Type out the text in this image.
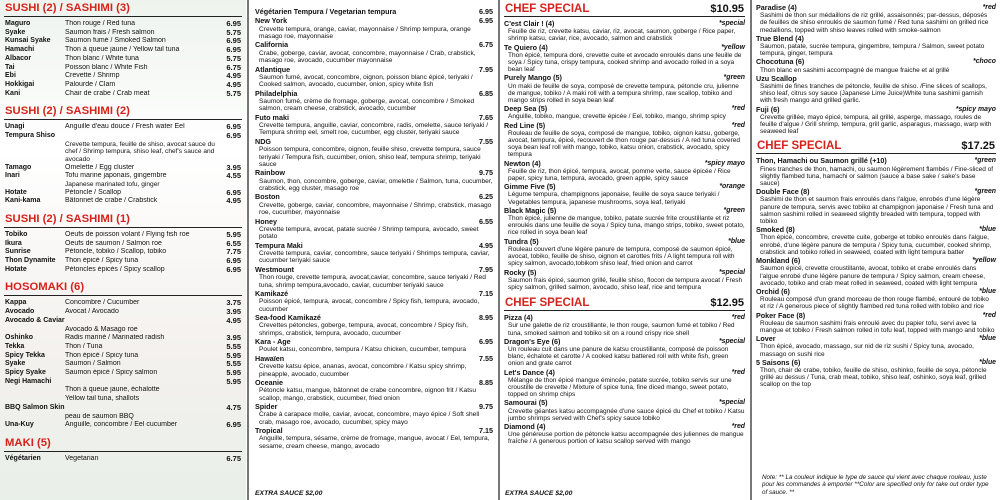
SUSHI (2) / SASHIMI (3)
Maguro	Thon rouge / Red tuna	6.95
Syake	Saumon frais / Fresh salmon	5.75
Kunsai Syake	Saumon fumé / Smoked Salmon	6.95
Hamachi	Thon à queue jaune / Yellow tail tuna	6.95
Albacor	Thon blanc / White tuna	5.75
Tai	Poisson blanc / White Fish	6.75
Ebi	Crevette / Shrimp	4.95
Hokkigai	Palourde / Clam	4.95
Kani	Chair de crabe / Crab meat	5.75
SUSHI (2) / SASHIMI (2)
Unagi	Anguille d'eau douce / Fresh water Eel	6.95
Tempura Shiso	6.95
Crevette tempura, feuille de shiso, avocat sauce du chef / Shrimp tempura, shiso leaf, chef's sauce and avocado
Tamago	Omelette / Egg cluster	3.95
Inari	Tofu marine japonais, gingembre	4.55
Japanese marinated tofu, ginger
Hotate	Pétoncle / Scallop	6.95
Kani-kama	Bâtonnet de crabe / Crabstick	4.95
SUSHI (2) / SASHIMI (1)
Tobiko	Oeufs de poisson volant / Flying fish roe	5.95
Ikura	Oeufs de saumon / Salmon roe	6.55
Sunrise	Pétoncle, tobiko / Scallop, tobiko	7.75
Thon Dynamite	Thon épicé / Spicy tuna	6.95
Hotate	Pétoncles épicés / Spicy scallop	6.95
HOSOMAKI (6)
Kappa	Concombre / Cucumber	3.75
Avocado	Avocat / Avocado	3.95
Avocado & Caviar	4.95
Avocado & Masago roe
Oshinko	Radis mariné / Marinated radish	3.95
Tekka	Thon / Tuna	5.55
Spicy Tekka	Thon épicé / Spicy tuna	5.95
Syake	Saumon / Salmon	5.55
Spicy Syake	Saumon épicé / Spicy salmon	5.95
Negi Hamachi	5.95
Thon à queue jaune, échalotte
Yellow tail tuna, shallots
BBQ Salmon Skin	4.75
peau de saumon BBQ
Una-Kuy	Anguille, concombre / Eel cucumber	6.95
MAKI (5)
Végétarien	Vegetarian	6.75
Végétarien Tempura / Vegetarian tempura	6.95
New York	6.95
Crevette tempura, orange, caviar, mayonnaise / Shrimp tempura, orange masago roe, mayonnaise
California	6.75
Crabe, goberge, caviar, avocat, concombre, mayonnaise / Crab, crabstick, masago roe, avocado, cucumber mayonnaise
Atlantique	7.95
Saumon fumé, avocat, concombre, oignon, poisson blanc épicé, teriyaki / Cooked salmon, avocado, cucumber, onion, spicy white fish
Philadelphia	6.85
Saumon fumé, crème de fromage, goberge, avocat, concombre / Smoked salmon, cream cheese, crabstick, avocado, cucumber
Futo maki	7.65
Crevette tempura, anguille, caviar, concombre, radis, omelette, sauce teriyaki / Tempura shrimp eel, smelt roe, cucumber, egg cluster, teriyaki sauce
NDG	7.55
Poisson tempura, concombre, oignon, feuille shiso, crevette tempura, sauce teriyaki / Tempura fish, cucumber, onion, shiso leaf, tempura shrimp, teriyaki sauce
Rainbow	9.75
Saumon, thon, concombre, goberge, caviar, omelette / Salmon, tuna, cucumber, crabstick, egg cluster, masago roe
Boston	6.25
Crevette, goberge, caviar, concombre, mayonnaise / Shrimp, crabstick, masago roe, cucumber, mayonnaise
Honey	6.55
Crevette tempura, avocat, patate sucrée / Shrimp tempura, avocado, sweet potato
Tempura Maki	4.95
Crevette tempura, caviar, concombre, sauce teriyaki / Shrimps tempura, caviar, cucumber teriyaki sauce
Westmount	7.95
Thon rouge, crevette tempura, avocat,caviar, concombre, sauce teriyaki / Red tuna, shrimp tempura,avocado, caviar, cucumber teriyaki sauce
Kamikazé	7.15
Poisson épicé, tempura, avocat, concombre / Spicy fish, tempura, avocado, cucumber
Sea-food Kamikazé	8.95
Crevettes pétoncles, goberge, tempura, avocat, concombre / Spicy fish, shrimps, crabstick, tempura, avocado, cucumber
Kara - Age	6.95
Poulet katsu, concombre, tempura / Katsu chicken, cucumber, tempura
Hawaïen	7.55
Crevette katsu épice, ananas, avocat, concombre / Katsu spicy shrimp, pineapple, avocado, cucumber
Oceanie	8.85
Pétoncle katsu, mangue, bâtonnet de crabe concombre, oignon frit / Katsu scallop, mango, crabstick, cucumber, fried onion
Spider	9.75
Crabe à carapace molle, caviar, avocat, concombre, mayo épice / Soft shell crab, masago roe, avocado, cucumber, spicy mayo
Tropical	7.15
Anguille, tempura, sésame, crème de fromage, mangue, avocat / Eel, tempura, sesame, cream cheese, mango, avocado
EXTRA SAUCE $2,00
CHEF SPECIAL	$10.95
C'est Clair ! (4)	*special
Feuille de riz, crevette katsu, caviar, riz, avocat, saumon, goberge / Rice paper, shrimp katsu, caviar, rice, avocado, salmon and crabstick
Te Quiero (4)	*yellow
Thon épicé, tempura doré, crevette cuite et avocado enroulés dans une feuille de soya / Spicy tuna, crispy tempura, cooked shrimp and avocado rolled in a soya bean leaf
Purely Mango (5)	*green
Un maki de feuille de soya, composé de crevette tempura, pétoncle cru, julienne de mangue, tobiko / A maki roll with a tempura shrimp, raw scallop, tobiko and mango strips rolled in soya bean leaf
Deep Sea (5)	*red
Anguille, tobiko, mangue, crevette épicée / Eel, tobiko, mango, shrimp spicy
Red Line (5)	*red
Rouleau de feuille de soya, composé de mangue, tobiko, oignon katsu, goberge, avocat, tempura, épicé, recouvert de thon rouge par-dessus / A red tuna covered soya bean leaf roll with mango, tobiko, katsu onion, crabstick, avocado, spicy tempura
Newton (4)	*spicy mayo
Feuille de riz, thon épicé, tempura, avocat, pomme verte, sauce épicée / Rice paper, spicy tuna, tempura, avocado, green apple, spicy sauce
Gimme Five (5)	*orange
Légume tempura, champignons japonaise, feuille de soya sauce teriyaki / Vegetables tempura, japanese mushrooms, soya leaf, teriyaki
Black Magic (5)	*green
Thon épicé, julienne de mangue, tobiko, patate sucrée frite croustillante et riz enroulés dans une feuille de soya / Spicy tuna, mango strips, tobiko, sweet potato, rice rolled in soya bean leaf
Tundra (5)	*blue
Rouleau couvert d'une légère panure de tempura, composé de saumon épicé, avocat, tobiko, feuille de shiso, oignon et carottes frits / A light tempura roll with spicy salmon, avocado,tobikom shiso leaf, fried onion and carrot
Rocky (5)	*special
Saumon frais épicé, saumon grillé, feuille shiso, flocon de tempura avocat / Fresh spicy salmon, grilled salmon, avocado, shiso leaf, rice and tempura
CHEF SPECIAL	$12.95
Pizza (4)	*red
Sur une galette de riz croustillante, le thon rouge, saumon fumé et tobiko / Red tuna, smoked salmon and tobiko sit on a round crispy rice shell
Dragon's Eye (6)	*special
Un rouleau cuit dans une panure de katsu croustillante, composé de poisson blanc, échalote et carotte / A cooked katsu battered roll with white fish, green onion and grate carrot
Let's Dance (4)	*red
Mélange de thon épicé mangue émincée, patate sucrée, tobiko servis sur une croustille de crevette / Mixture of spice tuna, fine diced mango, sweet potato, topped on shrimp chips
Samourai (5)	*special
Crevette géantes katsu accompagnée d'une sauce épicé du Chef et tobiko / Katsu jumbo shrimps served with Chef's spicy sauce tobiko
Diamond (4)	*red
Une généreuse portion de pétoncle katsu accompagnée des juliennes de mangue fraîche / A generous portion of katsu scallop served with mango
EXTRA SAUCE $2,00
Paradise (4)	*red
Sashimi de thon sur médaillons de riz grillé, assaisonnés; par-dessus, déposés de feuilles de shiso enroulés de saumon fumé / Red tuna sashimi on grilled rice medallions, topped with shiso leaves rolled with smoke-salmon
True Blend (4)
Saumon, patate, sucrée tempura, gingembre, tempura / Salmon, sweet potato tempura, ginger, tempura
Chocotuna (6)	*choco
Thon blanc en sashimi accompagné de mangue fraiche et al grillé
Uzu Scallop
Sashimi de fines tranches de pétoncle, feuille de shiso. /Fine slices of scallops, shiso leaf, citrus soy sauce (Japanese Lime Juice)White tuna sashimi garnish with fresh mango and grilled garlic.
Fuji (6)	*spicy mayo
Crevette grillée, mayo épicé, tempura, ail grillé, asperge, massago, roules de feuille d'algue / Grill shrimp, tempura, grill garlic, asparagus, massago, warp with seaweed leaf
CHEF SPECIAL	$17.25
Thon, Hamachi ou Saumon grillé (+10)	*green
Fines tranches de thon, hamachi, ou saumon légèrement flambés / Fine-sliced of slightly flambed tuna, hamachi or salmon (sauce a base sake / sake's base sauce)
Double Face (8)	*green
Sashimi de thon et saumon frais enroulés dans l'algue, enrobés d'une légère panure de tempura, servis avec tobiko at champignon japonaise / Fresh tuna and salmon sashimi rolled in seaweed slightly breaded with tempura, topped with tobiko
Smoked (8)	*blue
Thon épicé, concombre, crevette cuite, goberge et tobiko enroulés dans l'algue, enrobé, d'une légère panure de tempura / Spicy tuna, cucumber, cooked shrimp, crabstick and tobiko rolled in seaweed, coated with light tempura batter
Monkland (6)	*yellow
Saumon épicé, crevette croustillante, avocat, tobiko et crabe enroulés dans l'algue enrobé d'une légère panure de tempura / Spicy salmon, cream cheese, avocado, tobiko and crab meat rolled in seaweed, coated with light tempura
Orchid (6)	*blue
Rouleau composé d'un grand morceau de thon rouge flambé, entouré de tobiko et riz / A generous piece of slightly flambed red tuna rolled with tobiko and rice
Poker Face (8)	*red
Rouleau de saumon sashimi frais enroulé avec du papier tofu, servi avec la mangue et tobiko / Fresh salmon rolled in tofu leaf, topped with mango and tobiko
Lover	*blue
Thon épicé, avocado, massago, sur nid de riz sushi / Spicy tuna, avocado, massago on sushi rice
5 Saisons (6)	*blue
Thon, chair de crabe, tobiko, feuille de shiso, oshinko, feuille de soya, pétoncle grillé au dessus / Tuna, crab meat, tobiko, shiso leaf, oshinko, soya leaf, grilled scallop on the top
Note: ** La couleur indique le type de sauce qui vient avec chaque rouleau, juste pour les commandes à emporter **Color are specified only for take out order type of sauce. **
